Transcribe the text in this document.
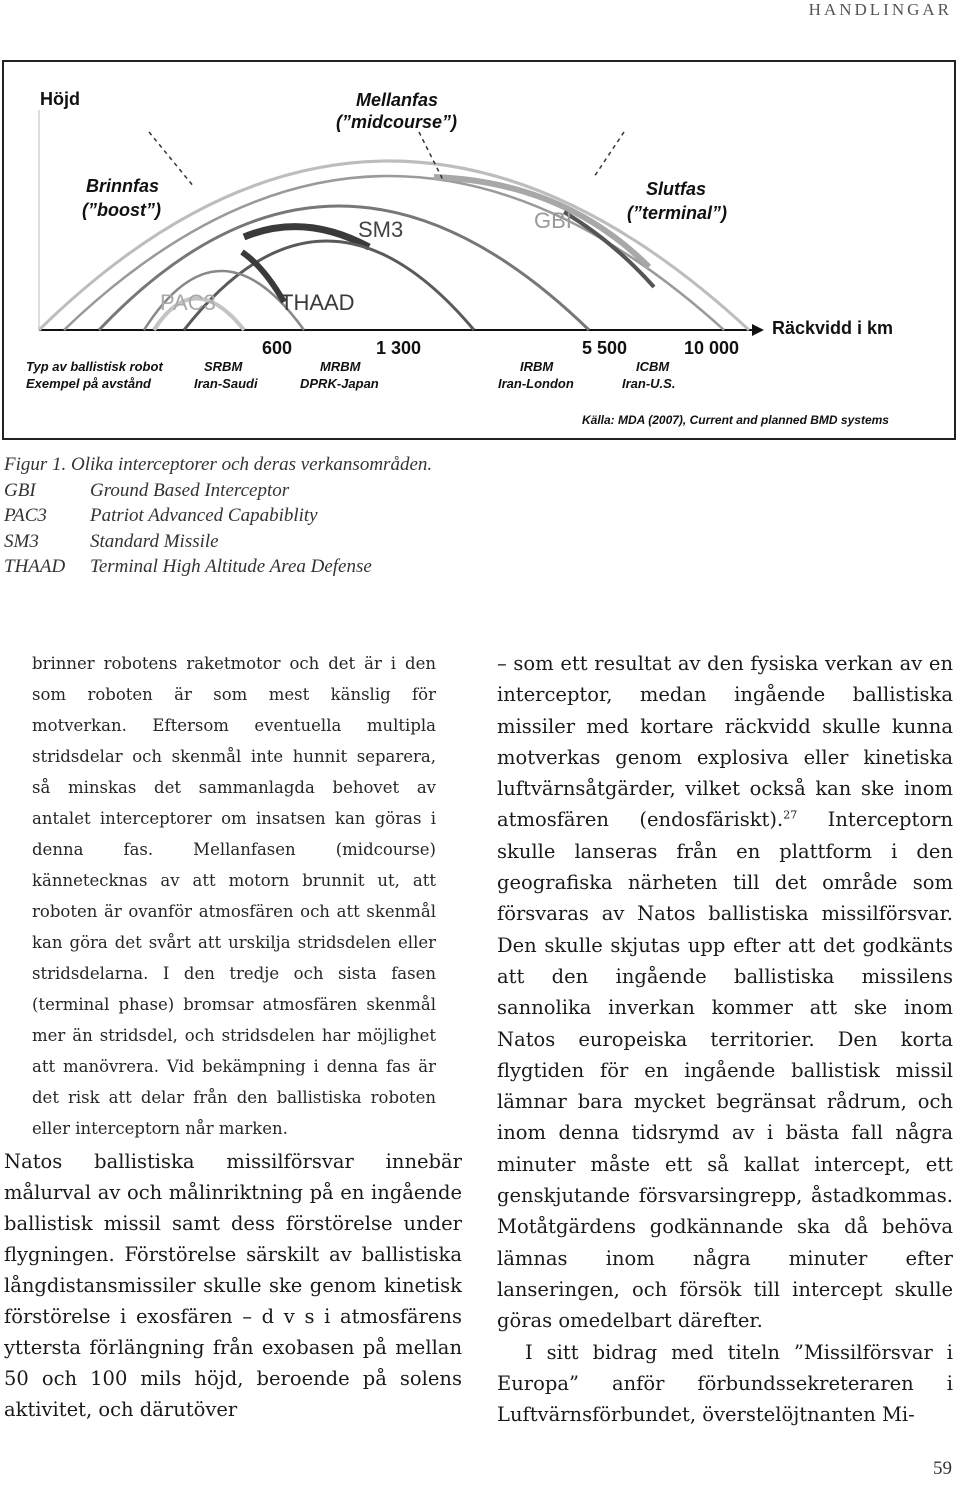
HANDLINGAR
Höjd	Mellanfas
(”midcourse”)
Brinnfas
(”boost”)
Slutfas
(”terminal”)
GBI
SM3
PAC3	THAAD
Räckvidd i km
600	1 300	5 500	10 000
Typ av ballistisk robot
Exempel på avstånd
SRBM
Iran-Saudi
MRBM
DPRK-Japan
IRBM
Iran-London
ICBM
Iran-U.S.
Källa: MDA (2007), Current and planned BMD systems
Figur 1. Olika interceptorer och deras verkansområden.
GBI	Ground Based Interceptor
PAC3	Patriot Advanced Capabiblity
SM3	Standard Missile
THAAD	Terminal High Altitude Area Defense

brinner robotens raketmotor och det är i den som roboten är som mest känslig för motverkan. Eftersom eventuella multipla stridsdelar och skenmål inte hunnit separera, så minskas det sammanlagda behovet av antalet interceptorer om insatsen kan göras i denna fas. Mellanfasen (midcourse) kännetecknas av att motorn brunnit ut, att roboten är ovanför atmosfären och att skenmål kan göra det svårt att urskilja stridsdelen eller stridsdelarna. I den tredje och sista fasen (terminal phase) bromsar atmosfären skenmål mer än stridsdel, och stridsdelen har möjlighet att manövrera. Vid bekämpning i denna fas är det risk att delar från den ballistiska roboten eller interceptorn når marken.

Natos ballistiska missilförsvar innebär målurval av och målinriktning på en ingående ballistisk missil samt dess förstörelse under flygningen. Förstörelse särskilt av ballistiska långdistansmissiler skulle ske genom kinetisk förstörelse i exosfären – d v s i atmosfärens yttersta förlängning från exobasen på mellan 50 och 100 mils höjd, beroende på solens aktivitet, och därutöver

– som ett resultat av den fysiska verkan av en interceptor, medan ingående ballistiska missiler med kortare räckvidd skulle kunna motverkas genom explosiva eller kinetiska luftvärnsåtgärder, vilket också kan ske inom atmosfären (endosfäriskt).$^{27}$ Interceptorn skulle lanseras från en plattform i den geografiska närheten till det område som försvaras av Natos ballistiska missilförsvar. Den skulle skjutas upp efter att det godkänts att den ingående ballistiska missilens sannolika inverkan kommer att ske inom Natos europeiska territorier. Den korta flygtiden för en ingående ballistisk missil lämnar bara mycket begränsat rådrum, och inom denna tidsrymd av i bästa fall några minuter måste ett så kallat intercept, ett genskjutande försvarsingrepp, åstadkommas. Motåtgärdens godkännande ska då behöva lämnas inom några minuter efter lanseringen, och försök till intercept skulle göras omedelbart därefter.

I sitt bidrag med titeln ”Missilförsvar i Europa” anför förbundssekreteraren i Luftvärnsförbundet, överstelöjtnanten Mi-

59
